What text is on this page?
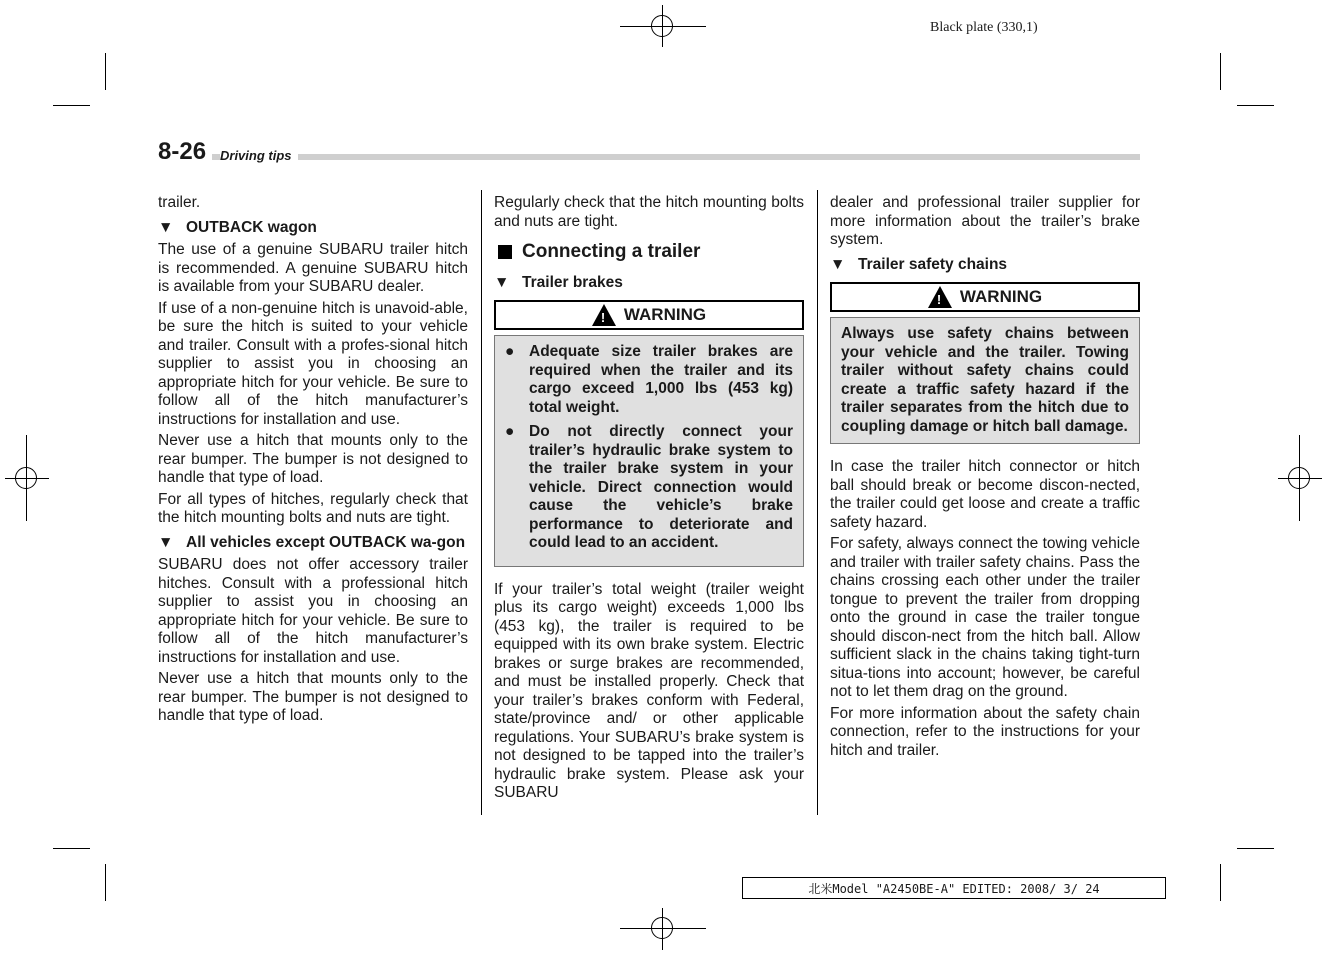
Black plate (330,1)
8-26	Driving tips

trailer.

▼ OUTBACK wagon

The use of a genuine SUBARU trailer hitch is recommended. A genuine SUBARU hitch is available from your SUBARU dealer.

If use of a non-genuine hitch is unavoid-able, be sure the hitch is suited to your vehicle and trailer. Consult with a profes-sional hitch supplier to assist you in choosing an appropriate hitch for your vehicle. Be sure to follow all of the hitch manufacturer’s instructions for installation and use.

Never use a hitch that mounts only to the rear bumper. The bumper is not designed to handle that type of load.

For all types of hitches, regularly check that the hitch mounting bolts and nuts are tight.

▼ All vehicles except OUTBACK wa-gon

SUBARU does not offer accessory trailer hitches. Consult with a professional hitch supplier to assist you in choosing an appropriate hitch for your vehicle. Be sure to follow all of the hitch manufacturer’s instructions for installation and use.

Never use a hitch that mounts only to the rear bumper. The bumper is not designed to handle that type of load.

Regularly check that the hitch mounting bolts and nuts are tight.

Connecting a trailer
▼ Trailer brakes
! WARNING
● Adequate size trailer brakes are required when the trailer and its cargo exceed 1,000 lbs (453 kg) total weight.
● Do not directly connect your trailer’s hydraulic brake system to the trailer brake system in your vehicle. Direct connection would cause the vehicle’s brake performance to deteriorate and could lead to an accident.

If your trailer’s total weight (trailer weight plus its cargo weight) exceeds 1,000 lbs (453 kg), the trailer is required to be equipped with its own brake system. Electric brakes or surge brakes are recommended, and must be installed properly. Check that your trailer’s brakes conform with Federal, state/province and/ or other applicable regulations. Your SUBARU’s brake system is not designed to be tapped into the trailer’s hydraulic brake system. Please ask your SUBARU

dealer and professional trailer supplier for more information about the trailer’s brake system.

▼ Trailer safety chains
! WARNING

Always use safety chains between your vehicle and the trailer. Towing trailer without safety chains could create a traffic safety hazard if the trailer separates from the hitch due to coupling damage or hitch ball damage.

In case the trailer hitch connector or hitch ball should break or become discon-nected, the trailer could get loose and create a traffic safety hazard.

For safety, always connect the towing vehicle and trailer with trailer safety chains. Pass the chains crossing each other under the trailer tongue to prevent the trailer from dropping onto the ground in case the trailer tongue should discon-nect from the hitch ball. Allow sufficient slack in the chains taking tight-turn situa-tions into account; however, be careful not to let them drag on the ground.

For more information about the safety chain connection, refer to the instructions for your hitch and trailer.

北米Model "A2450BE-A" EDITED: 2008/ 3/ 24
